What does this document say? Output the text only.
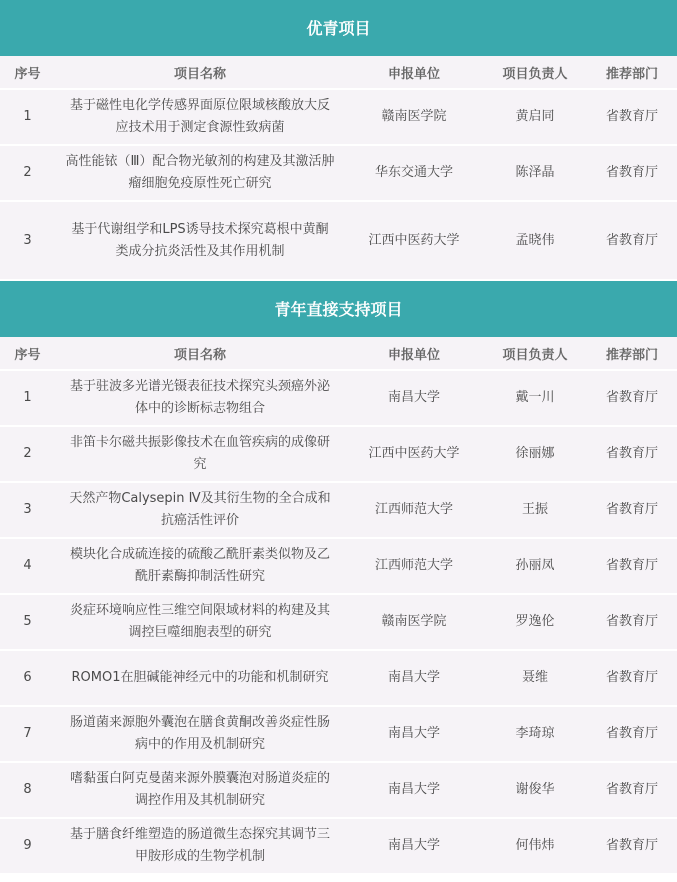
优青项目
序号	项目名称	申报单位	项目负责人	推荐部门
1	基于磁性电化学传感界面原位限域核酸放大反应技术用于测定食源性致病菌	赣南医学院	黄启同	省教育厅
2	高性能铱（Ⅲ）配合物光敏剂的构建及其激活肿瘤细胞免疫原性死亡研究	华东交通大学	陈泽晶	省教育厅
3	基于代谢组学和LPS诱导技术探究葛根中黄酮类成分抗炎活性及其作用机制	江西中医药大学	孟晓伟	省教育厅
青年直接支持项目
序号	项目名称	申报单位	项目负责人	推荐部门
1	基于驻波多光谱光镊表征技术探究头颈癌外泌体中的诊断标志物组合	南昌大学	戴一川	省教育厅
2	非笛卡尔磁共振影像技术在血管疾病的成像研究	江西中医药大学	徐丽娜	省教育厅
3	天然产物Calysepin Ⅳ及其衍生物的全合成和抗癌活性评价	江西师范大学	王振	省教育厅
4	模块化合成硫连接的硫酸乙酰肝素类似物及乙酰肝素酶抑制活性研究	江西师范大学	孙丽凤	省教育厅
5	炎症环境响应性三维空间限域材料的构建及其调控巨噬细胞表型的研究	赣南医学院	罗逸伦	省教育厅
6	ROMO1在胆碱能神经元中的功能和机制研究	南昌大学	聂维	省教育厅
7	肠道菌来源胞外囊泡在膳食黄酮改善炎症性肠病中的作用及机制研究	南昌大学	李琦琼	省教育厅
8	嗜黏蛋白阿克曼菌来源外膜囊泡对肠道炎症的调控作用及其机制研究	南昌大学	谢俊华	省教育厅
9	基于膳食纤维塑造的肠道微生态探究其调节三甲胺形成的生物学机制	南昌大学	何伟炜	省教育厅
